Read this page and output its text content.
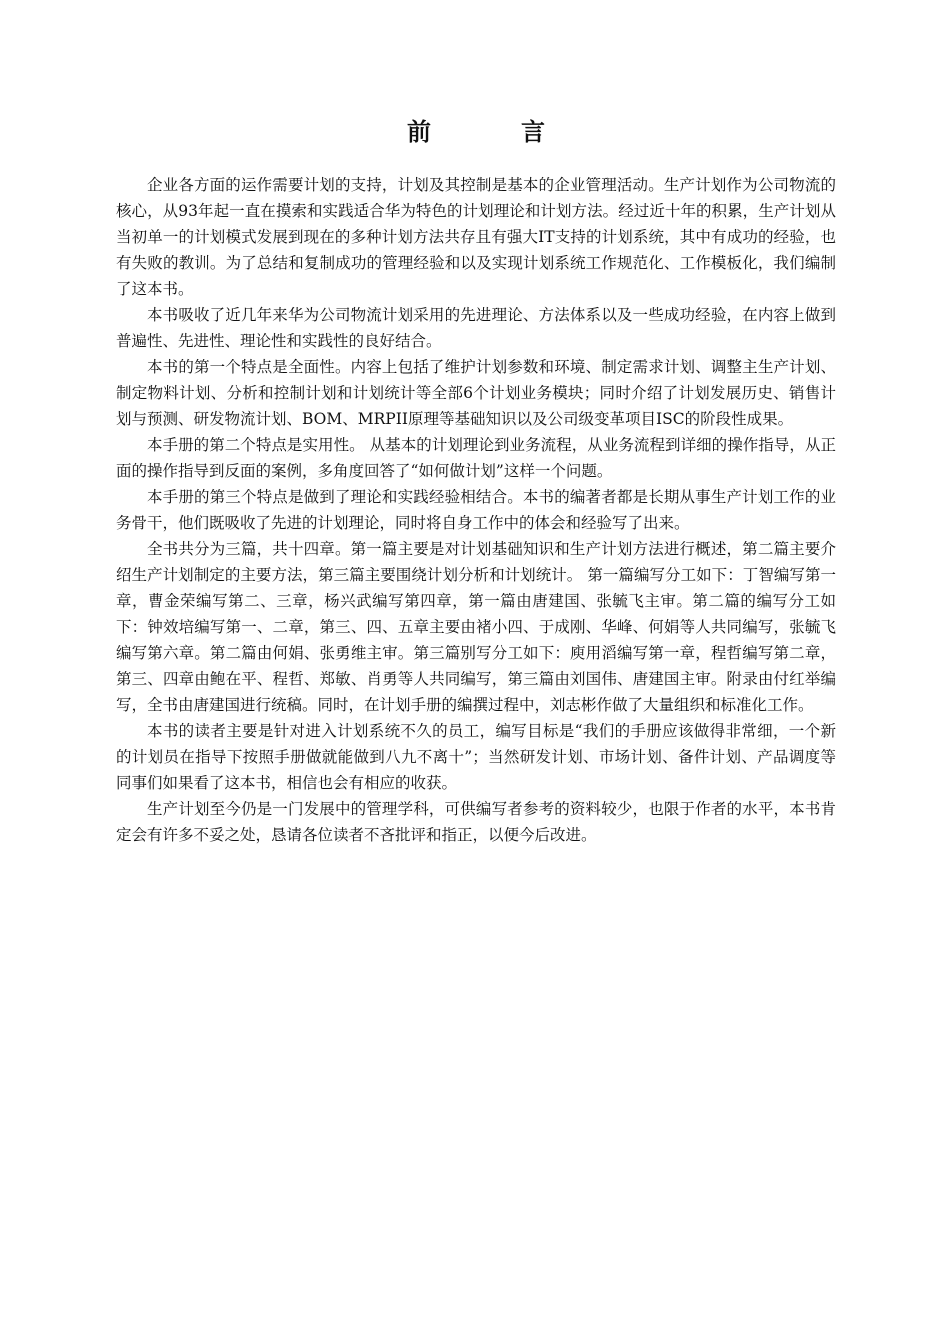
前言

企业各方面的运作需要计划的支持，计划及其控制是基本的企业管理活动。生产计划作为公司物流的核心，从93年起一直在摸索和实践适合华为特色的计划理论和计划方法。经过近十年的积累，生产计划从当初单一的计划模式发展到现在的多种计划方法共存且有强大IT支持的计划系统，其中有成功的经验，也有失败的教训。为了总结和复制成功的管理经验和以及实现计划系统工作规范化、工作模板化，我们编制了这本书。

本书吸收了近几年来华为公司物流计划采用的先进理论、方法体系以及一些成功经验，在内容上做到普遍性、先进性、理论性和实践性的良好结合。

本书的第一个特点是全面性。内容上包括了维护计划参数和环境、制定需求计划、调整主生产计划、制定物料计划、分析和控制计划和计划统计等全部6个计划业务模块；同时介绍了计划发展历史、销售计划与预测、研发物流计划、BOM、MRPII原理等基础知识以及公司级变革项目ISC的阶段性成果。

本手册的第二个特点是实用性。 从基本的计划理论到业务流程，从业务流程到详细的操作指导，从正面的操作指导到反面的案例，多角度回答了“如何做计划”这样一个问题。

本手册的第三个特点是做到了理论和实践经验相结合。本书的编著者都是长期从事生产计划工作的业务骨干，他们既吸收了先进的计划理论，同时将自身工作中的体会和经验写了出来。

全书共分为三篇，共十四章。第一篇主要是对计划基础知识和生产计划方法进行概述，第二篇主要介绍生产计划制定的主要方法，第三篇主要围绕计划分析和计划统计。 第一篇编写分工如下：丁智编写第一章，曹金荣编写第二、三章，杨兴武编写第四章，第一篇由唐建国、张毓飞主审。第二篇的编写分工如下：钟效培编写第一、二章，第三、四、五章主要由褚小四、于成刚、华峰、何娟等人共同编写，张毓飞编写第六章。第二篇由何娟、张勇维主审。第三篇别写分工如下：庾用滔编写第一章，程哲编写第二章，第三、四章由鲍在平、程哲、郑敏、肖勇等人共同编写，第三篇由刘国伟、唐建国主审。附录由付红举编写，全书由唐建国进行统稿。同时，在计划手册的编撰过程中，刘志彬作做了大量组织和标准化工作。

本书的读者主要是针对进入计划系统不久的员工，编写目标是“我们的手册应该做得非常细，一个新的计划员在指导下按照手册做就能做到八九不离十”；当然研发计划、市场计划、备件计划、产品调度等同事们如果看了这本书，相信也会有相应的收获。

生产计划至今仍是一门发展中的管理学科，可供编写者参考的资料较少，也限于作者的水平，本书肯定会有许多不妥之处，恳请各位读者不吝批评和指正，以便今后改进。
